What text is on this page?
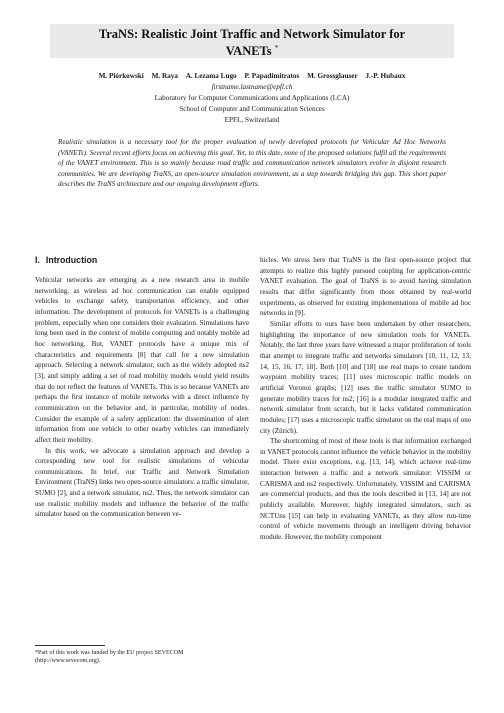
TraNS: Realistic Joint Traffic and Network Simulator for
VANETs *
M. Piórkowski M. Raya A. Lezama Lugo P. Papadimitratos M. Grossglauser J.-P. Hubaux
firstname.lastname@epfl.ch
Laboratory for Computer Communications and Applications (LCA)
School of Computer and Communication Sciences
EPFL, Switzerland
Realistic simulation is a necessary tool for the proper evaluation of newly developed protocols for Vehicular Ad Hoc Networks (VANETs). Several recent efforts focus on achieving this goal. Yet, to this date, none of the proposed solutions fulfil all the requirements of the VANET environment. This is so mainly because road traffic and communication network simulators evolve in disjoint research communities. We are developing TraNS, an open-source simulation environment, as a step towards bridging this gap. This short paper describes the TraNS architecture and our ongoing development efforts.
I. Introduction

Vehicular networks are emerging as a new research area in mobile networking, as wireless ad hoc communication can enable equipped vehicles to exchange safety, transportation efficiency, and other information. The development of protocols for VANETs is a challenging problem, especially when one considers their evaluation. Simulations have long been used in the context of mobile computing and notably mobile ad hoc networking. But, VANET protocols have a unique mix of characteristics and requirements [8] that call for a new simulation approach. Selecting a network simulator, such as the widely adopted ns2 [3], and simply adding a set of road mobility models would yield results that do not reflect the features of VANETs. This is so because VANETs are perhaps the first instance of mobile networks with a direct influence by communication on the behavior and, in particular, mobility of nodes. Consider the example of a safety application: the dissemination of alert information from one vehicle to other nearby vehicles can immediately affect their mobility.

In this work, we advocate a simulation approach and develop a corresponding new tool for realistic simulations of vehicular communications. In brief, our Traffic and Network Simulation Environment (TraNS) links two open-source simulators: a traffic simulator, SUMO [2], and a network simulator, ns2. Thus, the network simulator can use realistic mobility models and influence the behavior of the traffic simulator based on the communication between ve-

hicles. We stress here that TraNS is the first open-source project that attempts to realize this highly pursued coupling for application-centric VANET evaluation. The goal of TraNS is to avoid having simulation results that differ significantly from those obtained by real-world experiments, as observed for existing implementations of mobile ad hoc networks in [9].

Similar efforts to ours have been undertaken by other researchers, highlighting the importance of new simulation tools for VANETs. Notably, the last three years have witnessed a major proliferation of tools that attempt to integrate traffic and networks simulators [10, 11, 12, 13, 14, 15, 16, 17, 18]. Both [10] and [18] use real maps to create random waypoint mobility traces; [11] uses microscopic traffic models on artificial Voronoi graphs; [12] uses the traffic simulator SUMO to generate mobility traces for ns2; [16] is a modular integrated traffic and network simulator from scratch, but it lacks validated communication modules; [17] uses a microscopic traffic simulator on the real maps of one city (Zürich).

The shortcoming of most of these tools is that information exchanged in VANET protocols cannot influence the vehicle behavior in the mobility model. There exist exceptions, e.g. [13, 14], which achieve real-time interaction between a traffic and a network simulator: VISSIM or CARISMA and ns2 respectively. Unfortunately, VISSIM and CARISMA are commercial products, and thus the tools described in [13, 14] are not publicly available. Moreover, highly integrated simulators, such as NCTUns [15] can help in evaluating VANETs, as they allow run-time control of vehicle movements through an intelligent driving behavior module. However, the mobility component

*Part of this work was funded by the EU project SEVECOM (http://www.sevecom.org).
